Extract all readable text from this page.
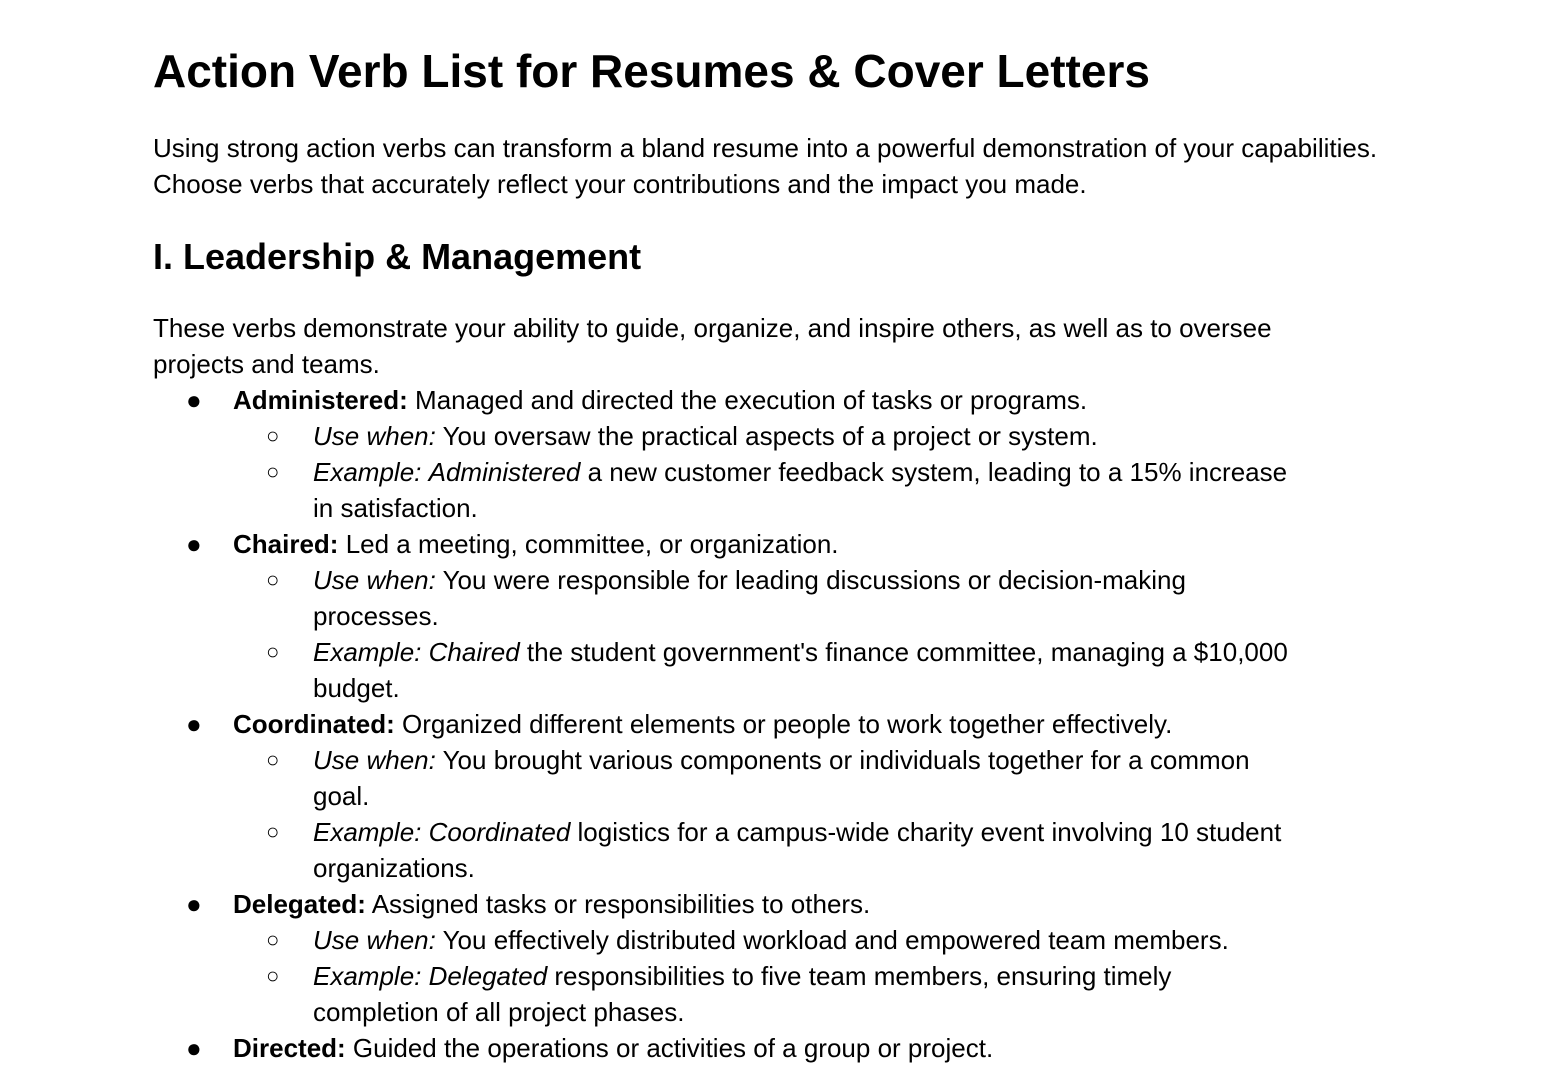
Action Verb List for Resumes & Cover Letters

Using strong action verbs can transform a bland resume into a powerful demonstration of your capabilities. Choose verbs that accurately reflect your contributions and the impact you made.

I. Leadership & Management

These verbs demonstrate your ability to guide, organize, and inspire others, as well as to oversee projects and teams.

● Administered: Managed and directed the execution of tasks or programs.
○ Use when: You oversaw the practical aspects of a project or system.
○ Example: Administered a new customer feedback system, leading to a 15% increase in satisfaction.
● Chaired: Led a meeting, committee, or organization.
○ Use when: You were responsible for leading discussions or decision-making processes.
○ Example: Chaired the student government's finance committee, managing a $10,000 budget.
● Coordinated: Organized different elements or people to work together effectively.
○ Use when: You brought various components or individuals together for a common goal.
○ Example: Coordinated logistics for a campus-wide charity event involving 10 student organizations.
● Delegated: Assigned tasks or responsibilities to others.
○ Use when: You effectively distributed workload and empowered team members.
○ Example: Delegated responsibilities to five team members, ensuring timely completion of all project phases.
● Directed: Guided the operations or activities of a group or project.
